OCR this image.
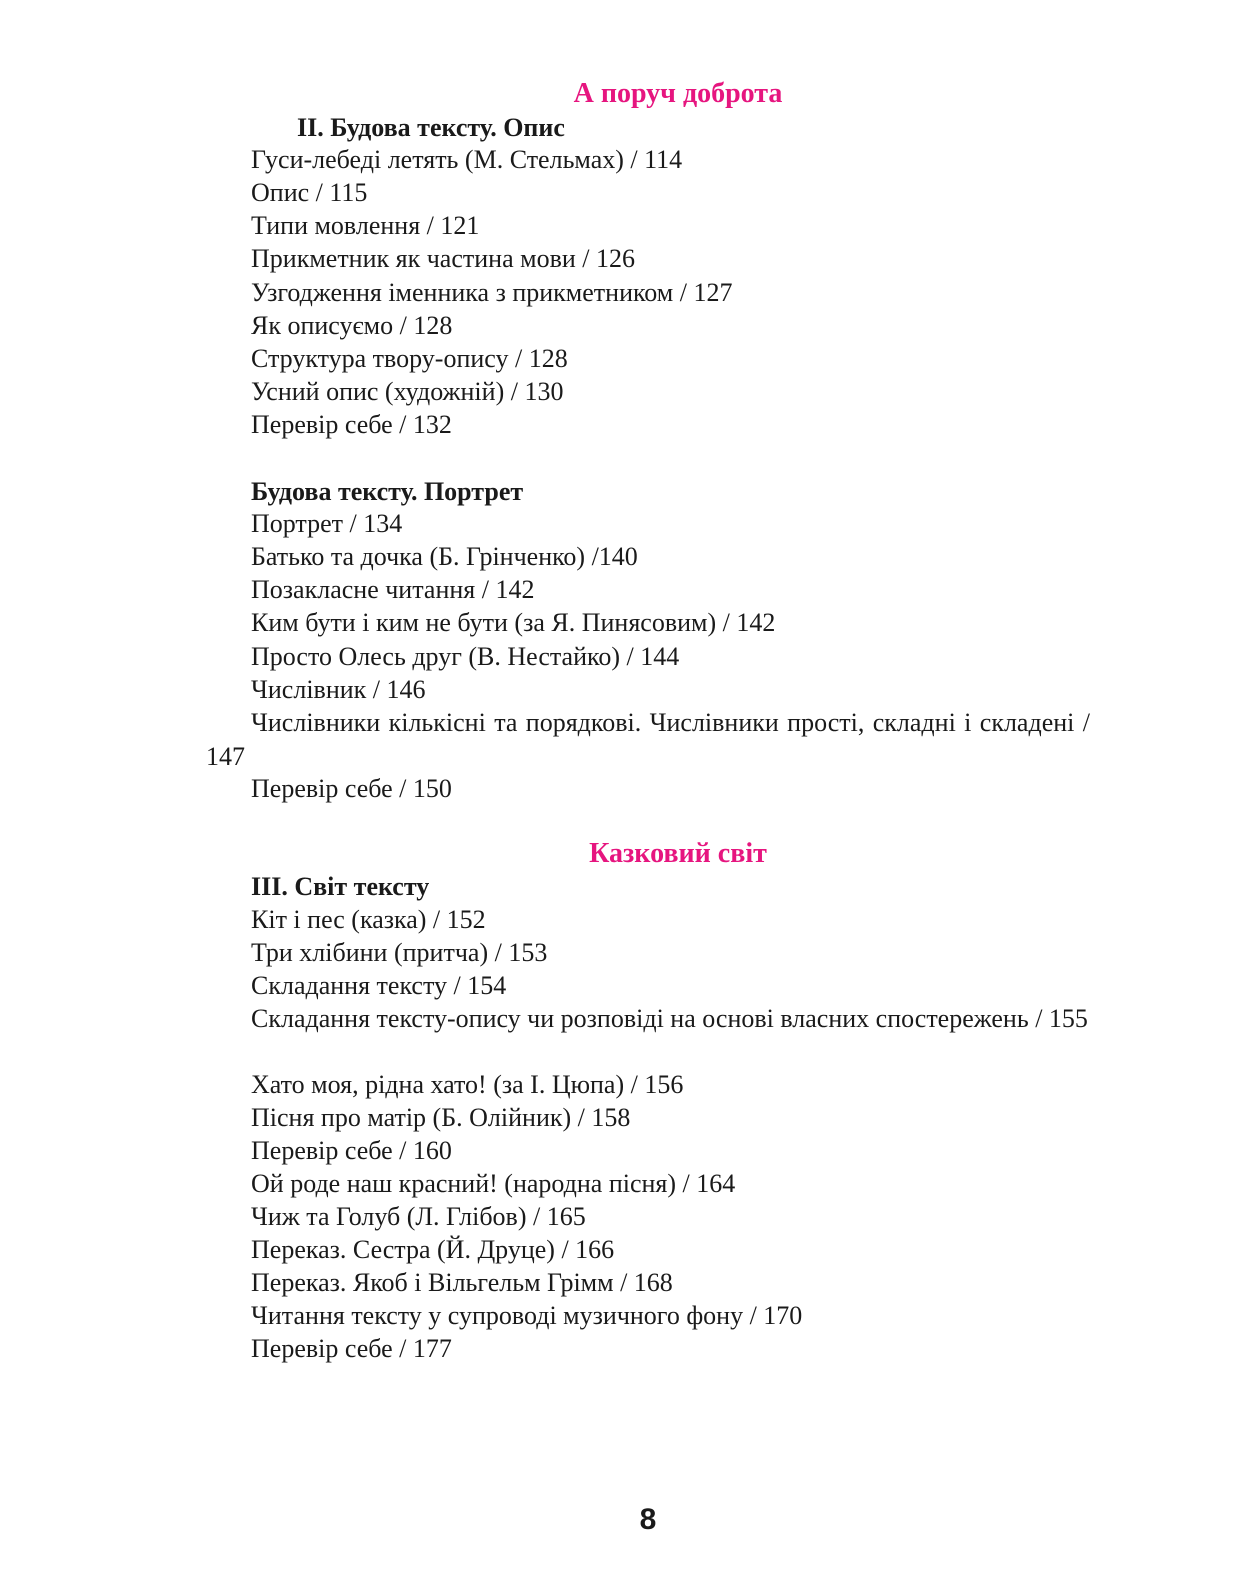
А поруч доброта
ІІ. Будова тексту. Опис
Гуси-лебеді летять (М. Стельмах) / 114
Опис / 115
Типи мовлення / 121
Прикметник як частина мови / 126
Узгодження іменника з прикметником / 127
Як описуємо / 128
Структура твору-опису / 128
Усний опис (художній) / 130
Перевір себе / 132
Будова тексту. Портрет
Портрет / 134
Батько та дочка (Б. Грінченко) /140
Позакласне читання / 142
Ким бути і ким не бути (за Я. Пинясовим) / 142
Просто Олесь друг (В. Нестайко) / 144
Числівник / 146
Числівники кількісні та порядкові. Числівники прості, складні і складені / 147
Перевір себе / 150
Казковий світ
ІІІ. Світ тексту
Кіт і пес (казка) / 152
Три хлібини (притча) / 153
Складання тексту / 154
Складання тексту-опису чи розповіді на основі власних спостережень / 155
Хато моя, рідна хато! (за І. Цюпа) / 156
Пісня про матір (Б. Олійник) / 158
Перевір себе / 160
Ой роде наш красний! (народна пісня) / 164
Чиж та Голуб (Л. Глібов) / 165
Переказ. Сестра (Й. Друце) / 166
Переказ. Якоб і Вільгельм Грімм / 168
Читання тексту у супроводі музичного фону / 170
Перевір себе / 177
8
